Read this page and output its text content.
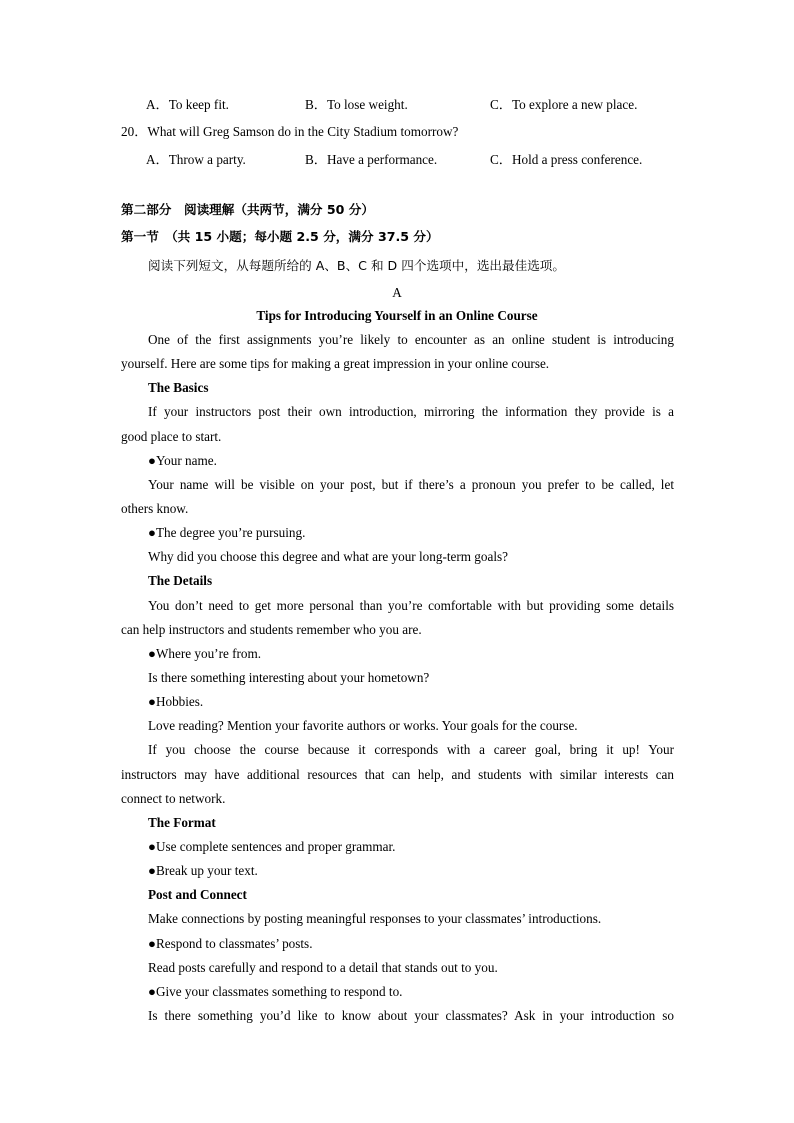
A．To keep fit.	B．To lose weight.	C．To explore a new place.
20．What will Greg Samson do in the City Stadium tomorrow?
A．Throw a party.	B．Have a performance.	C．Hold a press conference.
第二部分　阅读理解（共两节，满分 50 分）
第一节　（共 15 小题；每小题 2.5 分，满分 37.5 分）
阅读下列短文，从每题所给的 A、B、C 和 D 四个选项中，选出最佳选项。
A
Tips for Introducing Yourself in an Online Course
One of the first assignments you’re likely to encounter as an online student is introducing
yourself. Here are some tips for making a great impression in your online course.
The Basics
If your instructors post their own introduction, mirroring the information they provide is a
good place to start.
●Your name.
Your name will be visible on your post, but if there’s a pronoun you prefer to be called, let
others know.
●The degree you’re pursuing.
Why did you choose this degree and what are your long-term goals?
The Details
You don’t need to get more personal than you’re comfortable with but providing some details
can help instructors and students remember who you are.
●Where you’re from.
Is there something interesting about your hometown?
●Hobbies.
Love reading? Mention your favorite authors or works. Your goals for the course.
If you choose the course because it corresponds with a career goal, bring it up! Your
instructors may have additional resources that can help, and students with similar interests can
connect to network.
The Format
●Use complete sentences and proper grammar.
●Break up your text.
Post and Connect
Make connections by posting meaningful responses to your classmates’ introductions.
●Respond to classmates’ posts.
Read posts carefully and respond to a detail that stands out to you.
●Give your classmates something to respond to.
Is there something you’d like to know about your classmates? Ask in your introduction so
